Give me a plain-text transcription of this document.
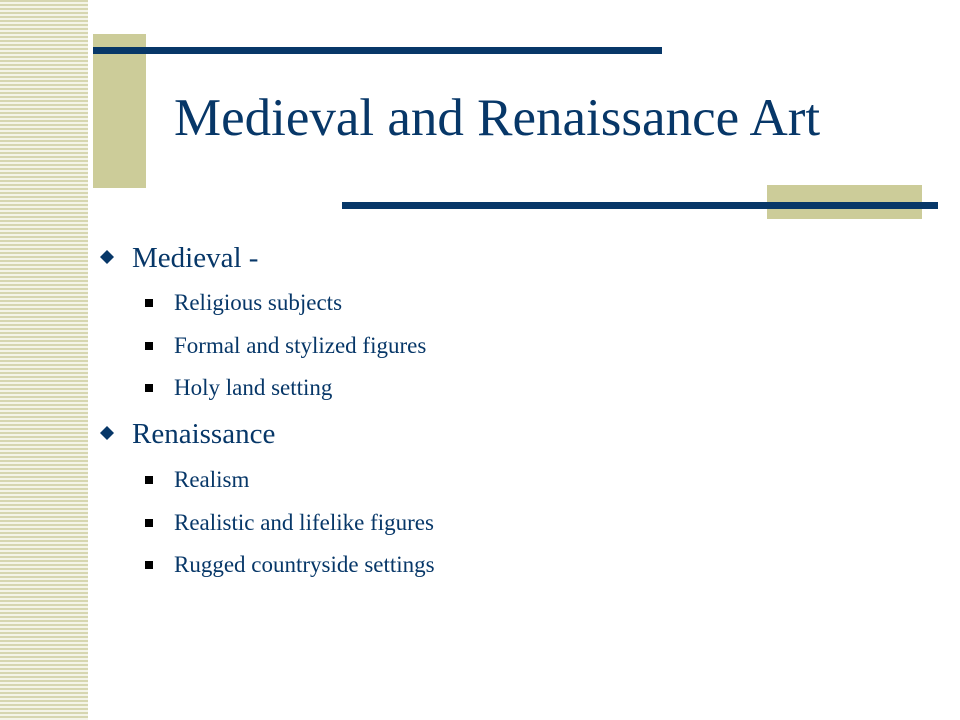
Medieval and Renaissance Art
Medieval -
Religious subjects
Formal and stylized figures
Holy land setting
Renaissance
Realism
Realistic and lifelike figures
Rugged countryside settings
